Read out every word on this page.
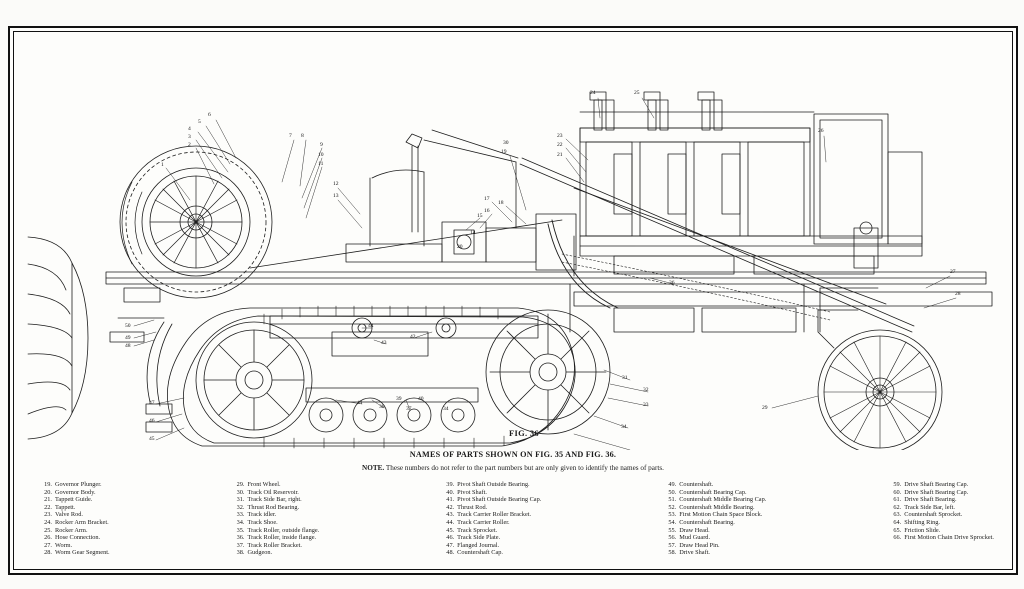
1
2
3
4
5
6
7 8
9
10
11
12
13
14
15
16
17
18
19
20
21
22
23
24	25
26
27
28
29
30
31
32
33
34
36
37
38
39	40
41
34
42
43
44
45
46
47
48
49
50
FIG. 36
NAMES OF PARTS SHOWN ON FIG. 35 AND FIG. 36.
NOTE. These numbers do not refer to the part numbers but are only given to identify the names of parts.
19. Governor Plunger.
20. Governor Body.
21. Tappett Guide.
22. Tappett.
23. Valve Rod.
24. Rocker Arm Bracket.
25. Rocker Arm.
26. Hose Connection.
27. Worm.
28. Worm Gear Segment.
29. Front Wheel.
30. Track Oil Reservoir.
31. Track Side Bar, right.
32. Thrust Rod Bearing.
33. Track idler.
34. Track Shoe.
35. Track Roller, outside flange.
36. Track Roller, inside flange.
37. Track Roller Bracket.
38. Gudgeon.
39. Pivot Shaft Outside Bearing.
40. Pivot Shaft.
41. Pivot Shaft Outside Bearing Cap.
42. Thrust Rod.
43. Track Carrier Roller Bracket.
44. Track Carrier Roller.
45. Track Sprocket.
46. Track Side Plate.
47. Flanged Journal.
48. Countershaft Cap.
49. Countershaft.
50. Countershaft Bearing Cap.
51. Countershaft Middle Bearing Cap.
52. Countershaft Middle Bearing.
53. First Motion Chain Space Block.
54. Countershaft Bearing.
55. Draw Head.
56. Mud Guard.
57. Draw Head Pin.
58. Drive Shaft.
59. Drive Shaft Bearing Cap.
60. Drive Shaft Bearing Cap.
61. Drive Shaft Bearing.
62. Track Side Bar, left.
63. Countershaft Sprocket.
64. Shifting Ring.
65. Friction Slide.
66. First Motion Chain Drive Sprocket.
